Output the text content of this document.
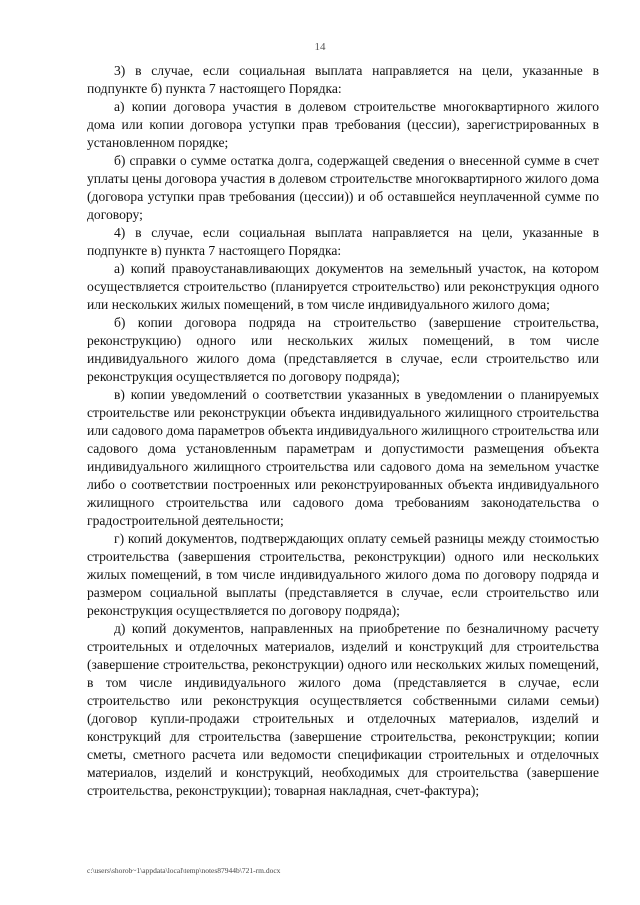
14

3) в случае, если социальная выплата направляется на цели, указанные в подпункте б) пункта 7 настоящего Порядка:

а) копии договора участия в долевом строительстве многоквартирного жилого дома или копии договора уступки прав требования (цессии), зарегистрированных в установленном порядке;

б) справки о сумме остатка долга, содержащей сведения о внесенной сумме в счет уплаты цены договора участия в долевом строительстве многоквартирного жилого дома (договора уступки прав требования (цессии)) и об оставшейся неуплаченной сумме по договору;

4) в случае, если социальная выплата направляется на цели, указанные в подпункте в) пункта 7 настоящего Порядка:

а) копий правоустанавливающих документов на земельный участок, на котором осуществляется строительство (планируется строительство) или реконструкция одного или нескольких жилых помещений, в том числе индивидуального жилого дома;

б) копии договора подряда на строительство (завершение строительства, реконструкцию) одного или нескольких жилых помещений, в том числе индивидуального жилого дома (представляется в случае, если строительство или реконструкция осуществляется по договору подряда);

в) копии уведомлений о соответствии указанных в уведомлении о планируемых строительстве или реконструкции объекта индивидуального жилищного строительства или садового дома параметров объекта индивидуального жилищного строительства или садового дома установленным параметрам и допустимости размещения объекта индивидуального жилищного строительства или садового дома на земельном участке либо о соответствии построенных или реконструированных объекта индивидуального жилищного строительства или садового дома требованиям законодательства о градостроительной деятельности;

г) копий документов, подтверждающих оплату семьей разницы между стоимостью строительства (завершения строительства, реконструкции) одного или нескольких жилых помещений, в том числе индивидуального жилого дома по договору подряда и размером социальной выплаты (представляется в случае, если строительство или реконструкция осуществляется по договору подряда);

д) копий документов, направленных на приобретение по безналичному расчету строительных и отделочных материалов, изделий и конструкций для строительства (завершение строительства, реконструкции) одного или нескольких жилых помещений, в том числе индивидуального жилого дома (представляется в случае, если строительство или реконструкция осуществляется собственными силами семьи) (договор купли-продажи строительных и отделочных материалов, изделий и конструкций для строительства (завершение строительства, реконструкции; копии сметы, сметного расчета или ведомости спецификации строительных и отделочных материалов, изделий и конструкций, необходимых для строительства (завершение строительства, реконструкции); товарная накладная, счет-фактура);

c:\users\shorob~1\appdata\local\temp\notes87944b\721-rm.docx
